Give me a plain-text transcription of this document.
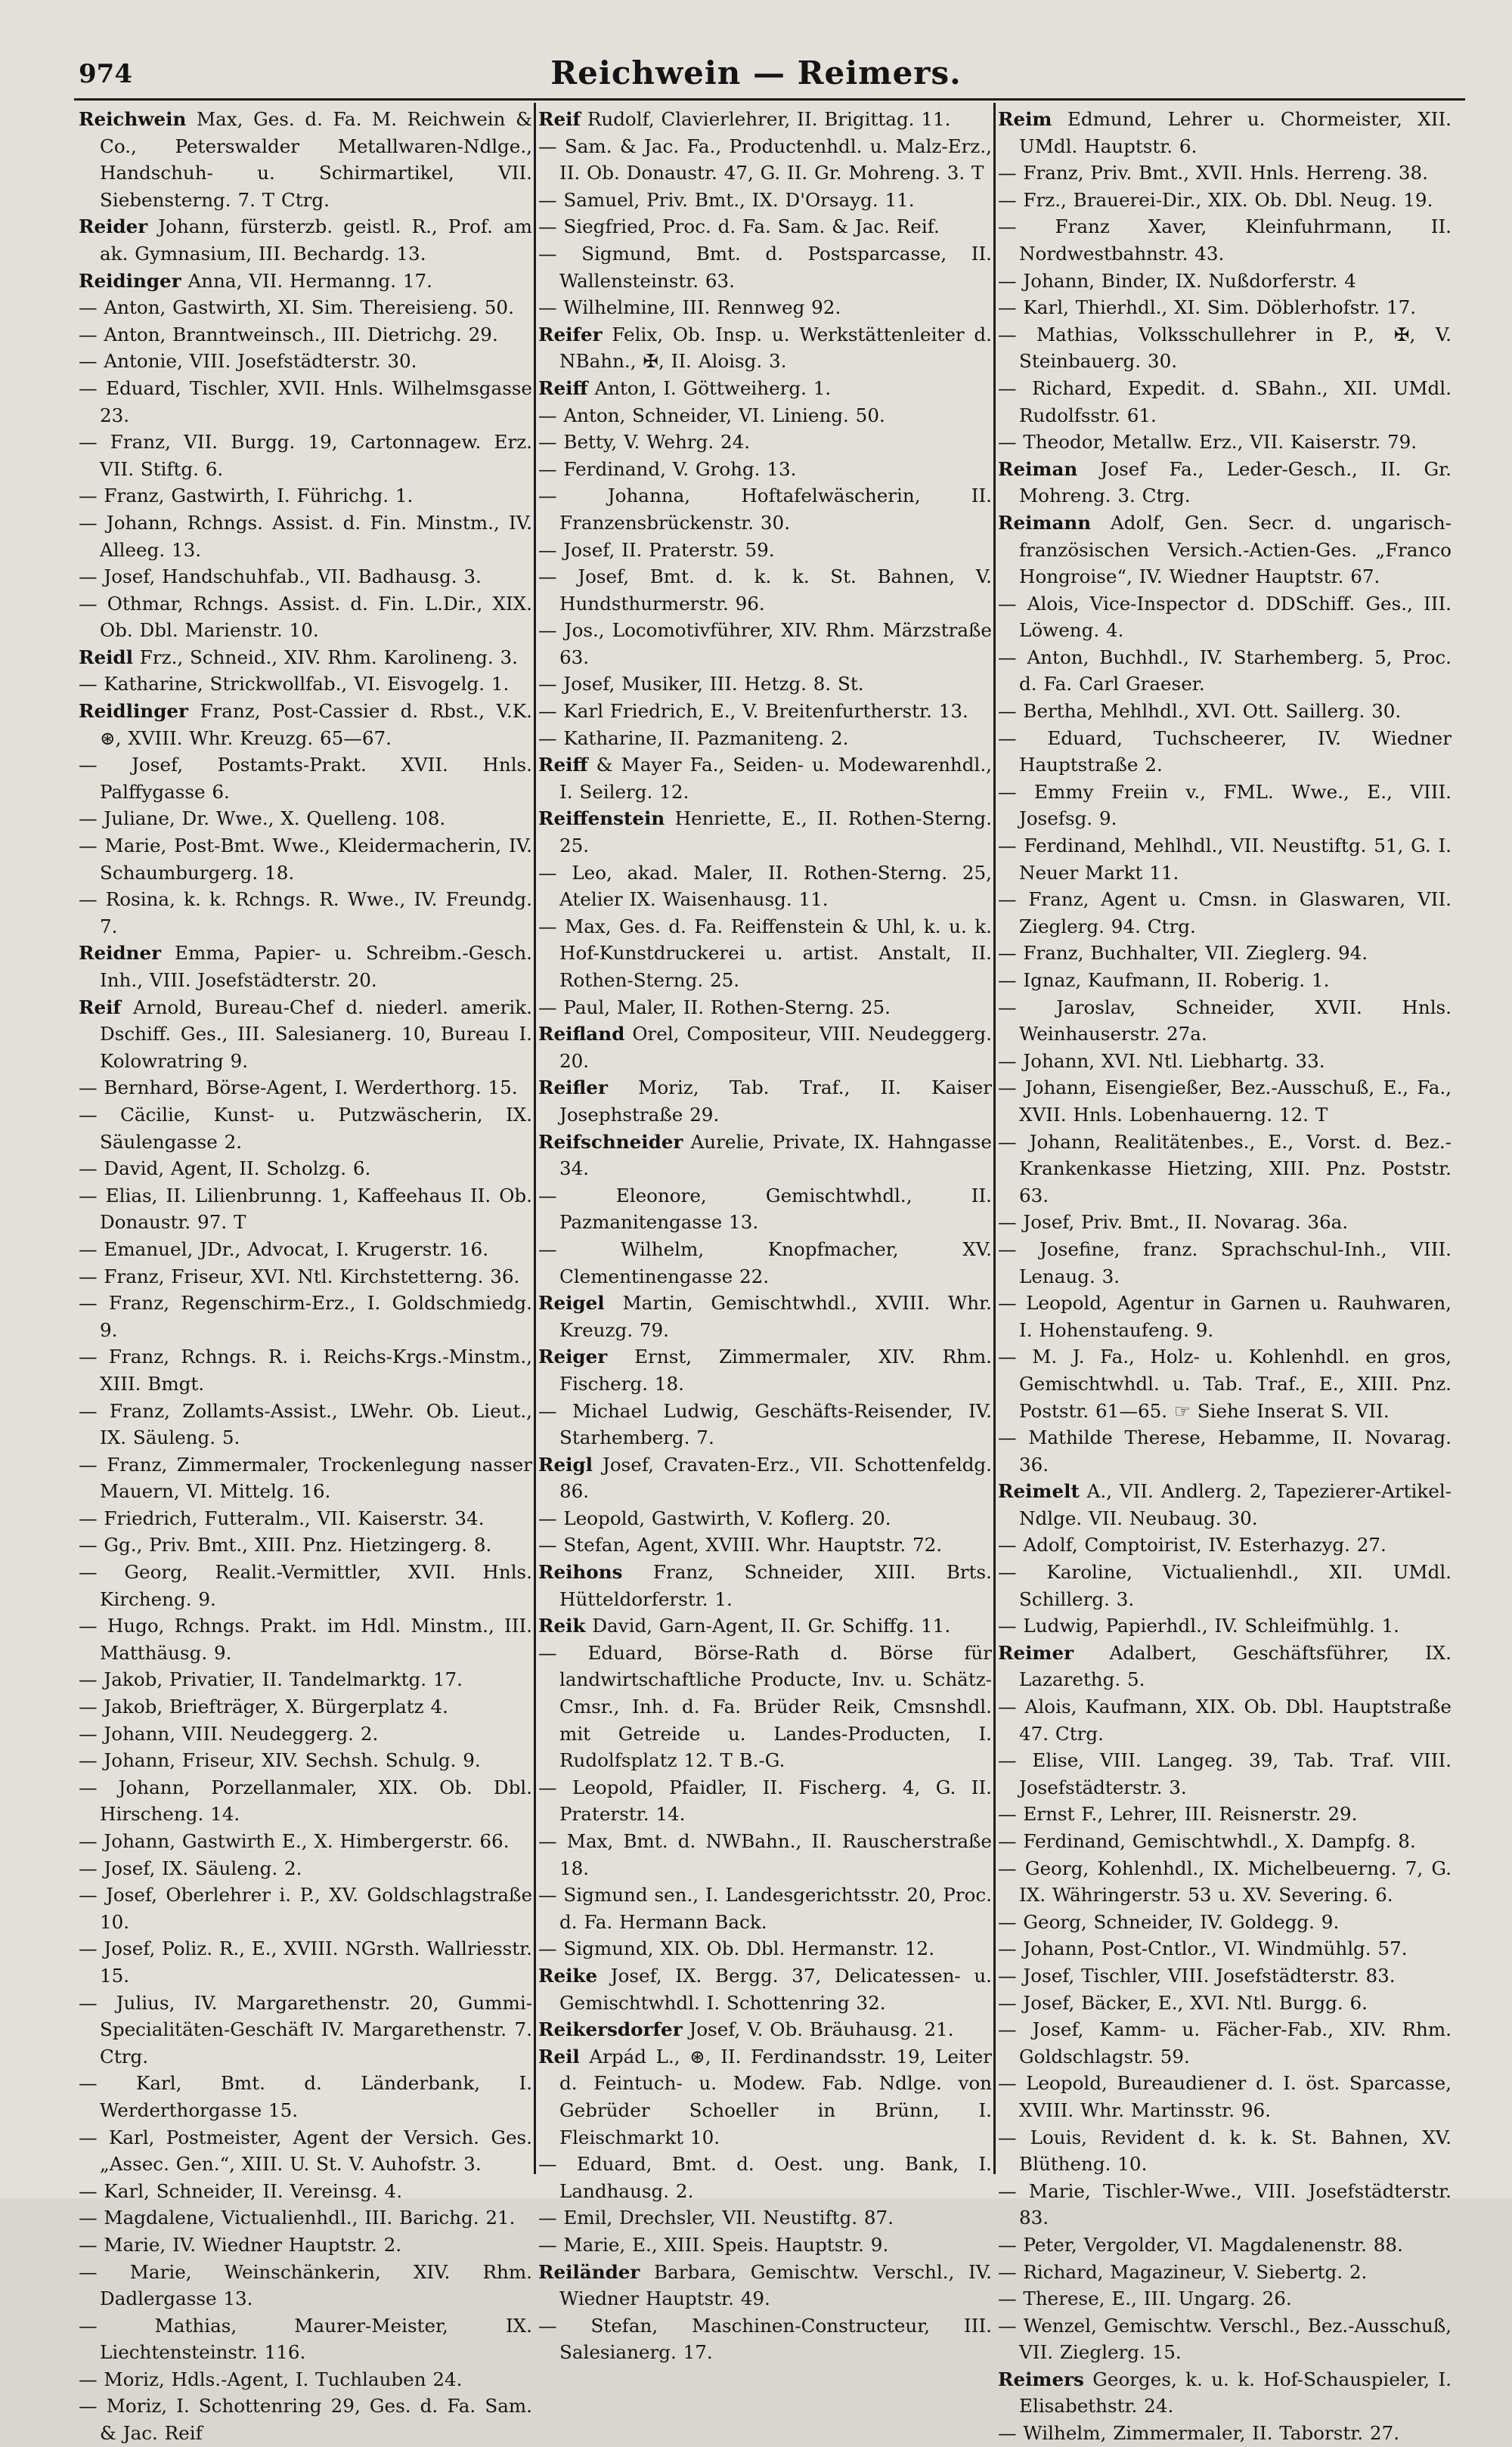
974	Reichwein — Reimers.

Reichwein Max, Ges. d. Fa. M. Reichwein & Co., Peterswalder Metallwaren-Ndlge., Handschuh- u. Schirmartikel, VII. Siebensterng. 7. T Ctrg.

Reider Johann, fürsterzb. geistl. R., Prof. am ak. Gymnasium, III. Bechardg. 13.

Reidinger Anna, VII. Hermanng. 17.

— Anton, Gastwirth, XI. Sim. Thereisieng. 50.

— Anton, Branntweinsch., III. Dietrichg. 29.

— Antonie, VIII. Josefstädterstr. 30.

— Eduard, Tischler, XVII. Hnls. Wilhelmsgasse 23.

— Franz, VII. Burgg. 19, Cartonnagew. Erz. VII. Stiftg. 6.

— Franz, Gastwirth, I. Führichg. 1.

— Johann, Rchngs. Assist. d. Fin. Minstm., IV. Alleeg. 13.

— Josef, Handschuhfab., VII. Badhausg. 3.

— Othmar, Rchngs. Assist. d. Fin. L.Dir., XIX. Ob. Dbl. Marienstr. 10.

Reidl Frz., Schneid., XIV. Rhm. Karolineng. 3.

— Katharine, Strickwollfab., VI. Eisvogelg. 1.

Reidlinger Franz, Post-Cassier d. Rbst., V.K. ⊛, XVIII. Whr. Kreuzg. 65—67.

— Josef, Postamts-Prakt. XVII. Hnls. Palffygasse 6.

— Juliane, Dr. Wwe., X. Quelleng. 108.

— Marie, Post-Bmt. Wwe., Kleidermacherin, IV. Schaumburgerg. 18.

— Rosina, k. k. Rchngs. R. Wwe., IV. Freundg. 7.

Reidner Emma, Papier- u. Schreibm.-Gesch. Inh., VIII. Josefstädterstr. 20.

Reif Arnold, Bureau-Chef d. niederl. amerik. Dschiff. Ges., III. Salesianerg. 10, Bureau I. Kolowratring 9.

— Bernhard, Börse-Agent, I. Werderthorg. 15.

— Cäcilie, Kunst- u. Putzwäscherin, IX. Säulengasse 2.

— David, Agent, II. Scholzg. 6.

— Elias, II. Lilienbrunng. 1, Kaffeehaus II. Ob. Donaustr. 97. T

— Emanuel, JDr., Advocat, I. Krugerstr. 16.

— Franz, Friseur, XVI. Ntl. Kirchstetterng. 36.

— Franz, Regenschirm-Erz., I. Goldschmiedg. 9.

— Franz, Rchngs. R. i. Reichs-Krgs.-Minstm., XIII. Bmgt.

— Franz, Zollamts-Assist., LWehr. Ob. Lieut., IX. Säuleng. 5.

— Franz, Zimmermaler, Trockenlegung nasser Mauern, VI. Mittelg. 16.

— Friedrich, Futteralm., VII. Kaiserstr. 34.

— Gg., Priv. Bmt., XIII. Pnz. Hietzingerg. 8.

— Georg, Realit.-Vermittler, XVII. Hnls. Kircheng. 9.

— Hugo, Rchngs. Prakt. im Hdl. Minstm., III. Matthäusg. 9.

— Jakob, Privatier, II. Tandelmarktg. 17.

— Jakob, Briefträger, X. Bürgerplatz 4.

— Johann, VIII. Neudeggerg. 2.

— Johann, Friseur, XIV. Sechsh. Schulg. 9.

— Johann, Porzellanmaler, XIX. Ob. Dbl. Hirscheng. 14.

— Johann, Gastwirth E., X. Himbergerstr. 66.

— Josef, IX. Säuleng. 2.

— Josef, Oberlehrer i. P., XV. Goldschlagstraße 10.

— Josef, Poliz. R., E., XVIII. NGrsth. Wallriesstr. 15.

— Julius, IV. Margarethenstr. 20, Gummi-Specialitäten-Geschäft IV. Margarethenstr. 7. Ctrg.

— Karl, Bmt. d. Länderbank, I. Werderthorgasse 15.

— Karl, Postmeister, Agent der Versich. Ges. „Assec. Gen.“, XIII. U. St. V. Auhofstr. 3.

— Karl, Schneider, II. Vereinsg. 4.

— Magdalene, Victualienhdl., III. Barichg. 21.

— Marie, IV. Wiedner Hauptstr. 2.

— Marie, Weinschänkerin, XIV. Rhm. Dadlergasse 13.

— Mathias, Maurer-Meister, IX. Liechtensteinstr. 116.

— Moriz, Hdls.-Agent, I. Tuchlauben 24.

— Moriz, I. Schottenring 29, Ges. d. Fa. Sam. & Jac. Reif

Reif Rudolf, Clavierlehrer, II. Brigittag. 11.

— Sam. & Jac. Fa., Productenhdl. u. Malz-Erz., II. Ob. Donaustr. 47, G. II. Gr. Mohreng. 3. T

— Samuel, Priv. Bmt., IX. D'Orsayg. 11.

— Siegfried, Proc. d. Fa. Sam. & Jac. Reif.

— Sigmund, Bmt. d. Postsparcasse, II. Wallensteinstr. 63.

— Wilhelmine, III. Rennweg 92.

Reifer Felix, Ob. Insp. u. Werkstättenleiter d. NBahn., ✠, II. Aloisg. 3.

Reiff Anton, I. Göttweiherg. 1.

— Anton, Schneider, VI. Linieng. 50.

— Betty, V. Wehrg. 24.

— Ferdinand, V. Grohg. 13.

— Johanna, Hoftafelwäscherin, II. Franzensbrückenstr. 30.

— Josef, II. Praterstr. 59.

— Josef, Bmt. d. k. k. St. Bahnen, V. Hundsthurmerstr. 96.

— Jos., Locomotivführer, XIV. Rhm. Märzstraße 63.

— Josef, Musiker, III. Hetzg. 8. St.

— Karl Friedrich, E., V. Breitenfurtherstr. 13.

— Katharine, II. Pazmaniteng. 2.

Reiff & Mayer Fa., Seiden- u. Modewarenhdl., I. Seilerg. 12.

Reiffenstein Henriette, E., II. Rothen-Sterng. 25.

— Leo, akad. Maler, II. Rothen-Sterng. 25, Atelier IX. Waisenhausg. 11.

— Max, Ges. d. Fa. Reiffenstein & Uhl, k. u. k. Hof-Kunstdruckerei u. artist. Anstalt, II. Rothen-Sterng. 25.

— Paul, Maler, II. Rothen-Sterng. 25.

Reifland Orel, Compositeur, VIII. Neudeggerg. 20.

Reifler Moriz, Tab. Traf., II. Kaiser Josephstraße 29.

Reifschneider Aurelie, Private, IX. Hahngasse 34.

— Eleonore, Gemischtwhdl., II. Pazmanitengasse 13.

— Wilhelm, Knopfmacher, XV. Clementinengasse 22.

Reigel Martin, Gemischtwhdl., XVIII. Whr. Kreuzg. 79.

Reiger Ernst, Zimmermaler, XIV. Rhm. Fischerg. 18.

— Michael Ludwig, Geschäfts-Reisender, IV. Starhemberg. 7.

Reigl Josef, Cravaten-Erz., VII. Schottenfeldg. 86.

— Leopold, Gastwirth, V. Koflerg. 20.

— Stefan, Agent, XVIII. Whr. Hauptstr. 72.

Reihons Franz, Schneider, XIII. Brts. Hütteldorferstr. 1.

Reik David, Garn-Agent, II. Gr. Schiffg. 11.

— Eduard, Börse-Rath d. Börse für landwirtschaftliche Producte, Inv. u. Schätz-Cmsr., Inh. d. Fa. Brüder Reik, Cmsnshdl. mit Getreide u. Landes-Producten, I. Rudolfsplatz 12. T B.-G.

— Leopold, Pfaidler, II. Fischerg. 4, G. II. Praterstr. 14.

— Max, Bmt. d. NWBahn., II. Rauscherstraße 18.

— Sigmund sen., I. Landesgerichtsstr. 20, Proc. d. Fa. Hermann Back.

— Sigmund, XIX. Ob. Dbl. Hermanstr. 12.

Reike Josef, IX. Bergg. 37, Delicatessen- u. Gemischtwhdl. I. Schottenring 32.

Reikersdorfer Josef, V. Ob. Bräuhausg. 21.

Reil Arpád L., ⊛, II. Ferdinandsstr. 19, Leiter d. Feintuch- u. Modew. Fab. Ndlge. von Gebrüder Schoeller in Brünn, I. Fleischmarkt 10.

— Eduard, Bmt. d. Oest. ung. Bank, I. Landhausg. 2.

— Emil, Drechsler, VII. Neustiftg. 87.

— Marie, E., XIII. Speis. Hauptstr. 9.

Reiländer Barbara, Gemischtw. Verschl., IV. Wiedner Hauptstr. 49.

— Stefan, Maschinen-Constructeur, III. Salesianerg. 17.

Reim Edmund, Lehrer u. Chormeister, XII. UMdl. Hauptstr. 6.

— Franz, Priv. Bmt., XVII. Hnls. Herreng. 38.

— Frz., Brauerei-Dir., XIX. Ob. Dbl. Neug. 19.

— Franz Xaver, Kleinfuhrmann, II. Nordwestbahnstr. 43.

— Johann, Binder, IX. Nußdorferstr. 4

— Karl, Thierhdl., XI. Sim. Döblerhofstr. 17.

— Mathias, Volksschullehrer in P., ✠, V. Steinbauerg. 30.

— Richard, Expedit. d. SBahn., XII. UMdl. Rudolfsstr. 61.

— Theodor, Metallw. Erz., VII. Kaiserstr. 79.

Reiman Josef Fa., Leder-Gesch., II. Gr. Mohreng. 3. Ctrg.

Reimann Adolf, Gen. Secr. d. ungarisch-französischen Versich.-Actien-Ges. „Franco Hongroise“, IV. Wiedner Hauptstr. 67.

— Alois, Vice-Inspector d. DDSchiff. Ges., III. Löweng. 4.

— Anton, Buchhdl., IV. Starhemberg. 5, Proc. d. Fa. Carl Graeser.

— Bertha, Mehlhdl., XVI. Ott. Saillerg. 30.

— Eduard, Tuchscheerer, IV. Wiedner Hauptstraße 2.

— Emmy Freiin v., FML. Wwe., E., VIII. Josefsg. 9.

— Ferdinand, Mehlhdl., VII. Neustiftg. 51, G. I. Neuer Markt 11.

— Franz, Agent u. Cmsn. in Glaswaren, VII. Zieglerg. 94. Ctrg.

— Franz, Buchhalter, VII. Zieglerg. 94.

— Ignaz, Kaufmann, II. Roberig. 1.

— Jaroslav, Schneider, XVII. Hnls. Weinhauserstr. 27a.

— Johann, XVI. Ntl. Liebhartg. 33.

— Johann, Eisengießer, Bez.-Ausschuß, E., Fa., XVII. Hnls. Lobenhauerng. 12. T

— Johann, Realitätenbes., E., Vorst. d. Bez.-Krankenkasse Hietzing, XIII. Pnz. Poststr. 63.

— Josef, Priv. Bmt., II. Novarag. 36a.

— Josefine, franz. Sprachschul-Inh., VIII. Lenaug. 3.

— Leopold, Agentur in Garnen u. Rauhwaren, I. Hohenstaufeng. 9.

— M. J. Fa., Holz- u. Kohlenhdl. en gros, Gemischtwhdl. u. Tab. Traf., E., XIII. Pnz. Poststr. 61—65. ☞ Siehe Inserat S. VII.

— Mathilde Therese, Hebamme, II. Novarag. 36.

Reimelt A., VII. Andlerg. 2, Tapezierer-Artikel-Ndlge. VII. Neubaug. 30.

— Adolf, Comptoirist, IV. Esterhazyg. 27.

— Karoline, Victualienhdl., XII. UMdl. Schillerg. 3.

— Ludwig, Papierhdl., IV. Schleifmühlg. 1.

Reimer Adalbert, Geschäftsführer, IX. Lazarethg. 5.

— Alois, Kaufmann, XIX. Ob. Dbl. Hauptstraße 47. Ctrg.

— Elise, VIII. Langeg. 39, Tab. Traf. VIII. Josefstädterstr. 3.

— Ernst F., Lehrer, III. Reisnerstr. 29.

— Ferdinand, Gemischtwhdl., X. Dampfg. 8.

— Georg, Kohlenhdl., IX. Michelbeuerng. 7, G. IX. Währingerstr. 53 u. XV. Severing. 6.

— Georg, Schneider, IV. Goldegg. 9.

— Johann, Post-Cntlor., VI. Windmühlg. 57.

— Josef, Tischler, VIII. Josefstädterstr. 83.

— Josef, Bäcker, E., XVI. Ntl. Burgg. 6.

— Josef, Kamm- u. Fächer-Fab., XIV. Rhm. Goldschlagstr. 59.

— Leopold, Bureaudiener d. I. öst. Sparcasse, XVIII. Whr. Martinsstr. 96.

— Louis, Revident d. k. k. St. Bahnen, XV. Blütheng. 10.

— Marie, Tischler-Wwe., VIII. Josefstädterstr. 83.

— Peter, Vergolder, VI. Magdalenenstr. 88.

— Richard, Magazineur, V. Siebertg. 2.

— Therese, E., III. Ungarg. 26.

— Wenzel, Gemischtw. Verschl., Bez.-Ausschuß, VII. Zieglerg. 15.

Reimers Georges, k. u. k. Hof-Schauspieler, I. Elisabethstr. 24.

— Wilhelm, Zimmermaler, II. Taborstr. 27.
